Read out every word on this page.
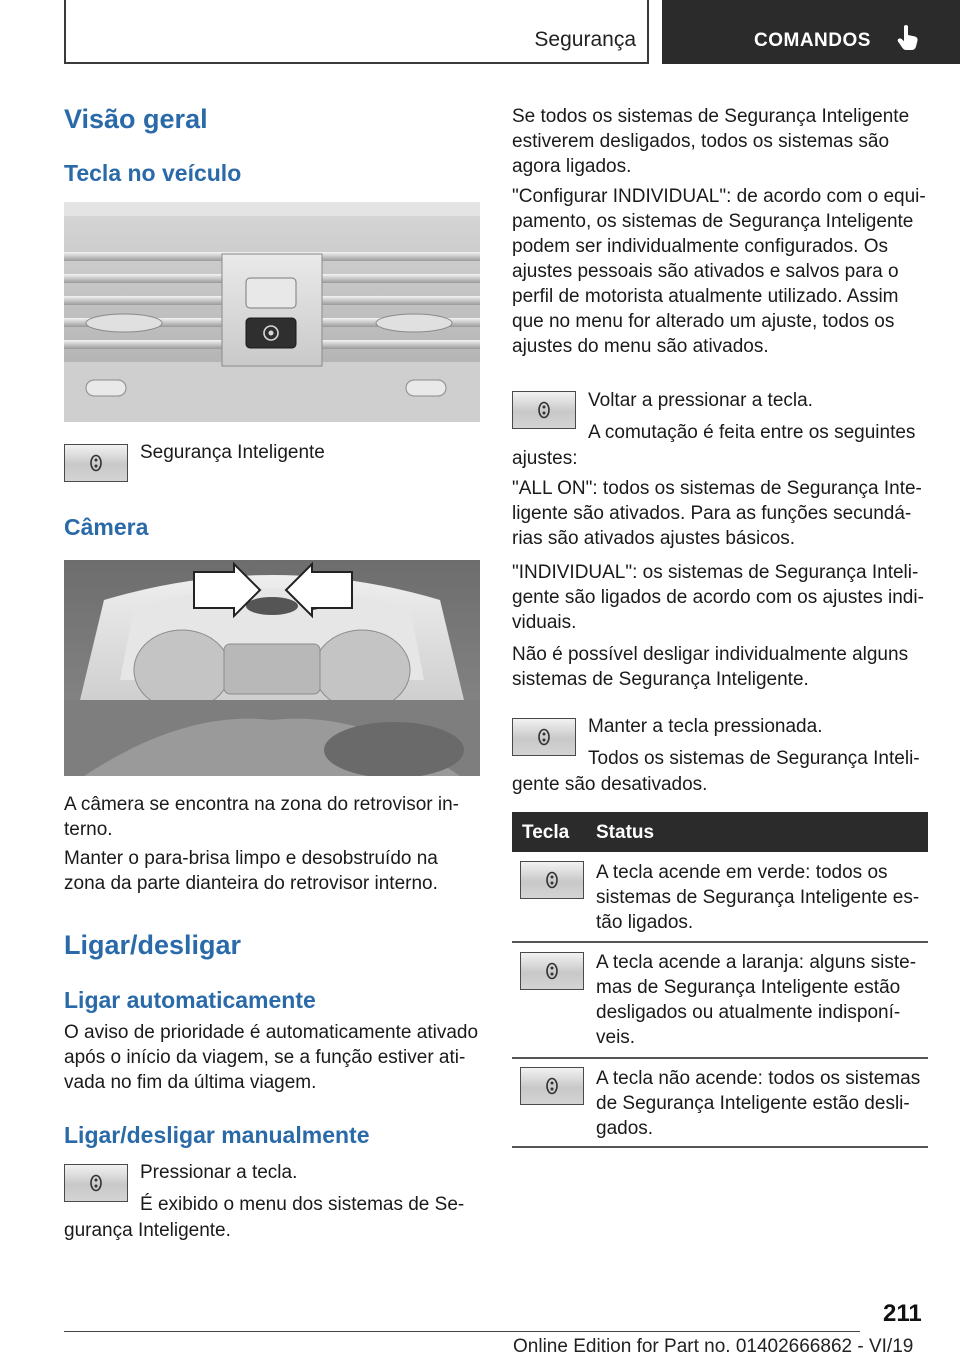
Segurança	COMANDOS
Visão geral
Tecla no veículo
Segurança Inteligente
Câmera
A câmera se encontra na zona do retrovisor in-
terno.
Manter o para-brisa limpo e desobstruído na
zona da parte dianteira do retrovisor interno.
Ligar/desligar
Ligar automaticamente
O aviso de prioridade é automaticamente ativado
após o início da viagem, se a função estiver ati-
vada no fim da última viagem.
Ligar/desligar manualmente
Pressionar a tecla.
É exibido o menu dos sistemas de Se-
gurança Inteligente.
Se todos os sistemas de Segurança Inteligente
estiverem desligados, todos os sistemas são
agora ligados.
"Configurar INDIVIDUAL": de acordo com o equi-
pamento, os sistemas de Segurança Inteligente
podem ser individualmente configurados. Os
ajustes pessoais são ativados e salvos para o
perfil de motorista atualmente utilizado. Assim
que no menu for alterado um ajuste, todos os
ajustes do menu são ativados.
Voltar a pressionar a tecla.
A comutação é feita entre os seguintes
ajustes:
"ALL ON": todos os sistemas de Segurança Inte-
ligente são ativados. Para as funções secundá-
rias são ativados ajustes básicos.
"INDIVIDUAL": os sistemas de Segurança Inteli-
gente são ligados de acordo com os ajustes indi-
viduais.
Não é possível desligar individualmente alguns
sistemas de Segurança Inteligente.
Manter a tecla pressionada.
Todos os sistemas de Segurança Inteli-
gente são desativados.
Tecla Status
A tecla acende em verde: todos os
sistemas de Segurança Inteligente es-
tão ligados.
A tecla acende a laranja: alguns siste-
mas de Segurança Inteligente estão
desligados ou atualmente indisponí-
veis.
A tecla não acende: todos os sistemas
de Segurança Inteligente estão desli-
gados.
211
Online Edition for Part no. 01402666862 - VI/19
